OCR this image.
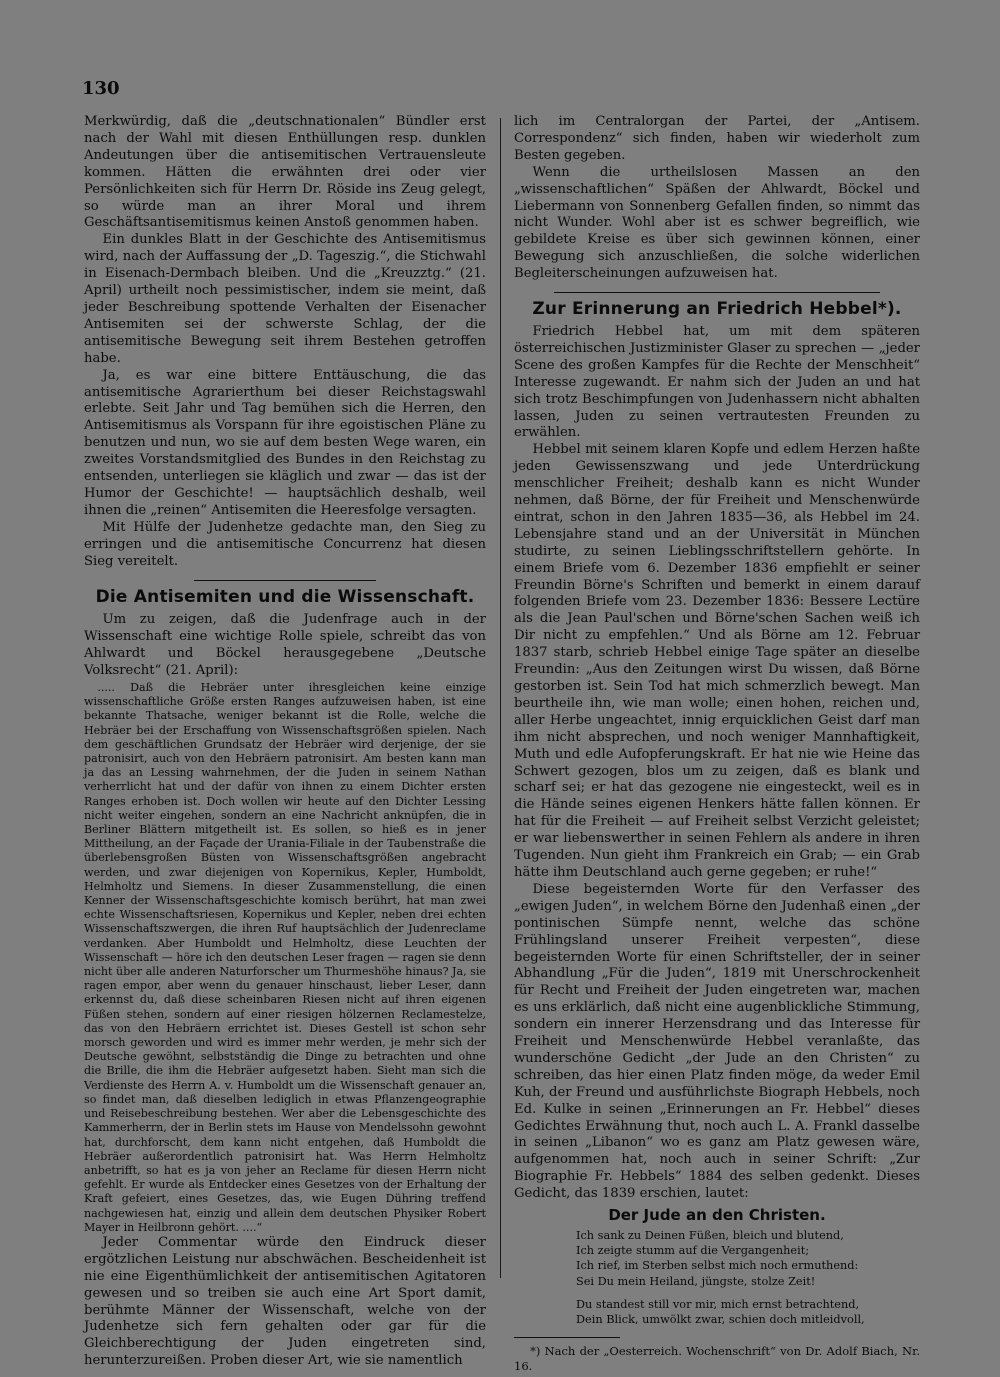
130

Merkwürdig, daß die „deutschnationalen“ Bündler erst nach der Wahl mit diesen Enthüllungen resp. dunklen Andeutungen über die antisemitischen Vertrauensleute kommen. Hätten die erwähnten drei oder vier Persönlichkeiten sich für Herrn Dr. Röside ins Zeug gelegt, so würde man an ihrer Moral und ihrem Geschäftsantisemitismus keinen Anstoß genommen haben.

Ein dunkles Blatt in der Geschichte des Antisemitismus wird, nach der Auffassung der „D. Tageszig.“, die Stichwahl in Eisenach-Dermbach bleiben. Und die „Kreuzztg.“ (21. April) urtheilt noch pessimistischer, indem sie meint, daß jeder Beschreibung spottende Verhalten der Eisenacher Antisemiten sei der schwerste Schlag, der die antisemitische Bewegung seit ihrem Bestehen getroffen habe.

Ja, es war eine bittere Enttäuschung, die das antisemitische Agrarierthum bei dieser Reichstagswahl erlebte. Seit Jahr und Tag bemühen sich die Herren, den Antisemitismus als Vorspann für ihre egoistischen Pläne zu benutzen und nun, wo sie auf dem besten Wege waren, ein zweites Vorstandsmitglied des Bundes in den Reichstag zu entsenden, unterliegen sie kläglich und zwar — das ist der Humor der Geschichte! — hauptsächlich deshalb, weil ihnen die „reinen“ Antisemiten die Heeresfolge versagten.

Mit Hülfe der Judenhetze gedachte man, den Sieg zu erringen und die antisemitische Concurrenz hat diesen Sieg vereitelt.

Die Antisemiten und die Wissenschaft.

Um zu zeigen, daß die Judenfrage auch in der Wissenschaft eine wichtige Rolle spiele, schreibt das von Ahlwardt und Böckel herausgegebene „Deutsche Volksrecht“ (21. April):

..... Daß die Hebräer unter ihresgleichen keine einzige wissenschaftliche Größe ersten Ranges aufzuweisen haben, ist eine bekannte Thatsache, weniger bekannt ist die Rolle, welche die Hebräer bei der Erschaffung von Wissenschaftsgrößen spielen. Nach dem geschäftlichen Grundsatz der Hebräer wird derjenige, der sie patronisirt, auch von den Hebräern patronisirt. Am besten kann man ja das an Lessing wahrnehmen, der die Juden in seinem Nathan verherrlicht hat und der dafür von ihnen zu einem Dichter ersten Ranges erhoben ist. Doch wollen wir heute auf den Dichter Lessing nicht weiter eingehen, sondern an eine Nachricht anknüpfen, die in Berliner Blättern mitgetheilt ist. Es sollen, so hieß es in jener Mittheilung, an der Façade der Urania-Filiale in der Taubenstraße die überlebensgroßen Büsten von Wissenschaftsgrößen angebracht werden, und zwar diejenigen von Kopernikus, Kepler, Humboldt, Helmholtz und Siemens. In dieser Zusammenstellung, die einen Kenner der Wissenschaftsgeschichte komisch berührt, hat man zwei echte Wissenschaftsriesen, Kopernikus und Kepler, neben drei echten Wissenschaftszwergen, die ihren Ruf hauptsächlich der Judenreclame verdanken. Aber Humboldt und Helmholtz, diese Leuchten der Wissenschaft — höre ich den deutschen Leser fragen — ragen sie denn nicht über alle anderen Naturforscher um Thurmeshöhe hinaus? Ja, sie ragen empor, aber wenn du genauer hinschaust, lieber Leser, dann erkennst du, daß diese scheinbaren Riesen nicht auf ihren eigenen Füßen stehen, sondern auf einer riesigen hölzernen Reclamestelze, das von den Hebräern errichtet ist. Dieses Gestell ist schon sehr morsch geworden und wird es immer mehr werden, je mehr sich der Deutsche gewöhnt, selbstständig die Dinge zu betrachten und ohne die Brille, die ihm die Hebräer aufgesetzt haben. Sieht man sich die Verdienste des Herrn A. v. Humboldt um die Wissenschaft genauer an, so findet man, daß dieselben lediglich in etwas Pflanzengeographie und Reisebeschreibung bestehen. Wer aber die Lebensgeschichte des Kammerherrn, der in Berlin stets im Hause von Mendelssohn gewohnt hat, durchforscht, dem kann nicht entgehen, daß Humboldt die Hebräer außerordentlich patronisirt hat. Was Herrn Helmholtz anbetrifft, so hat es ja von jeher an Reclame für diesen Herrn nicht gefehlt. Er wurde als Entdecker eines Gesetzes von der Erhaltung der Kraft gefeiert, eines Gesetzes, das, wie Eugen Dühring treffend nachgewiesen hat, einzig und allein dem deutschen Physiker Robert Mayer in Heilbronn gehört. ....“

Jeder Commentar würde den Eindruck dieser ergötzlichen Leistung nur abschwächen. Bescheidenheit ist nie eine Eigenthümlichkeit der antisemitischen Agitatoren gewesen und so treiben sie auch eine Art Sport damit, berühmte Männer der Wissenschaft, welche von der Judenhetze sich fern gehalten oder gar für die Gleichberechtigung der Juden eingetreten sind, herunterzureißen. Proben dieser Art, wie sie namentlich

lich im Centralorgan der Partei, der „Antisem. Correspondenz“ sich finden, haben wir wiederholt zum Besten gegeben.

Wenn die urtheilslosen Massen an den „wissenschaftlichen“ Späßen der Ahlwardt, Böckel und Liebermann von Sonnenberg Gefallen finden, so nimmt das nicht Wunder. Wohl aber ist es schwer begreiflich, wie gebildete Kreise es über sich gewinnen können, einer Bewegung sich anzuschließen, die solche widerlichen Begleiterscheinungen aufzuweisen hat.

Zur Erinnerung an Friedrich Hebbel*).

Friedrich Hebbel hat, um mit dem späteren österreichischen Justizminister Glaser zu sprechen — „jeder Scene des großen Kampfes für die Rechte der Menschheit“ Interesse zugewandt. Er nahm sich der Juden an und hat sich trotz Beschimpfungen von Judenhassern nicht abhalten lassen, Juden zu seinen vertrautesten Freunden zu erwählen.

Hebbel mit seinem klaren Kopfe und edlem Herzen haßte jeden Gewissenszwang und jede Unterdrückung menschlicher Freiheit; deshalb kann es nicht Wunder nehmen, daß Börne, der für Freiheit und Menschenwürde eintrat, schon in den Jahren 1835—36, als Hebbel im 24. Lebensjahre stand und an der Universität in München studirte, zu seinen Lieblingsschriftstellern gehörte. In einem Briefe vom 6. Dezember 1836 empfiehlt er seiner Freundin Börne's Schriften und bemerkt in einem darauf folgenden Briefe vom 23. Dezember 1836: Bessere Lectüre als die Jean Paul'schen und Börne'schen Sachen weiß ich Dir nicht zu empfehlen.“ Und als Börne am 12. Februar 1837 starb, schrieb Hebbel einige Tage später an dieselbe Freundin: „Aus den Zeitungen wirst Du wissen, daß Börne gestorben ist. Sein Tod hat mich schmerzlich bewegt. Man beurtheile ihn, wie man wolle; einen hohen, reichen und, aller Herbe ungeachtet, innig erquicklichen Geist darf man ihm nicht absprechen, und noch weniger Mannhaftigkeit, Muth und edle Aufopferungskraft. Er hat nie wie Heine das Schwert gezogen, blos um zu zeigen, daß es blank und scharf sei; er hat das gezogene nie eingesteckt, weil es in die Hände seines eigenen Henkers hätte fallen können. Er hat für die Freiheit — auf Freiheit selbst Verzicht geleistet; er war liebenswerther in seinen Fehlern als andere in ihren Tugenden. Nun gieht ihm Frankreich ein Grab; — ein Grab hätte ihm Deutschland auch gerne gegeben; er ruhe!“

Diese begeisternden Worte für den Verfasser des „ewigen Juden“, in welchem Börne den Judenhaß einen „der pontinischen Sümpfe nennt, welche das schöne Frühlingsland unserer Freiheit verpesten“, diese begeisternden Worte für einen Schriftsteller, der in seiner Abhandlung „Für die Juden“, 1819 mit Unerschrockenheit für Recht und Freiheit der Juden eingetreten war, machen es uns erklärlich, daß nicht eine augenblickliche Stimmung, sondern ein innerer Herzensdrang und das Interesse für Freiheit und Menschenwürde Hebbel veranlaßte, das wunderschöne Gedicht „der Jude an den Christen“ zu schreiben, das hier einen Platz finden möge, da weder Emil Kuh, der Freund und ausführlichste Biograph Hebbels, noch Ed. Kulke in seinen „Erinnerungen an Fr. Hebbel“ dieses Gedichtes Erwähnung thut, noch auch L. A. Frankl dasselbe in seinen „Libanon“ wo es ganz am Platz gewesen wäre, aufgenommen hat, noch auch in seiner Schrift: „Zur Biographie Fr. Hebbels“ 1884 des selben gedenkt. Dieses Gedicht, das 1839 erschien, lautet:

Der Jude an den Christen.
Ich sank zu Deinen Füßen, bleich und blutend,
Ich zeigte stumm auf die Vergangenheit;
Ich rief, im Sterben selbst mich noch ermuthend:
Sei Du mein Heiland, jüngste, stolze Zeit!
Du standest still vor mir, mich ernst betrachtend,
Dein Blick, umwölkt zwar, schien doch mitleidvoll,

*) Nach der „Oesterreich. Wochenschrift“ von Dr. Adolf Biach, Nr. 16.
